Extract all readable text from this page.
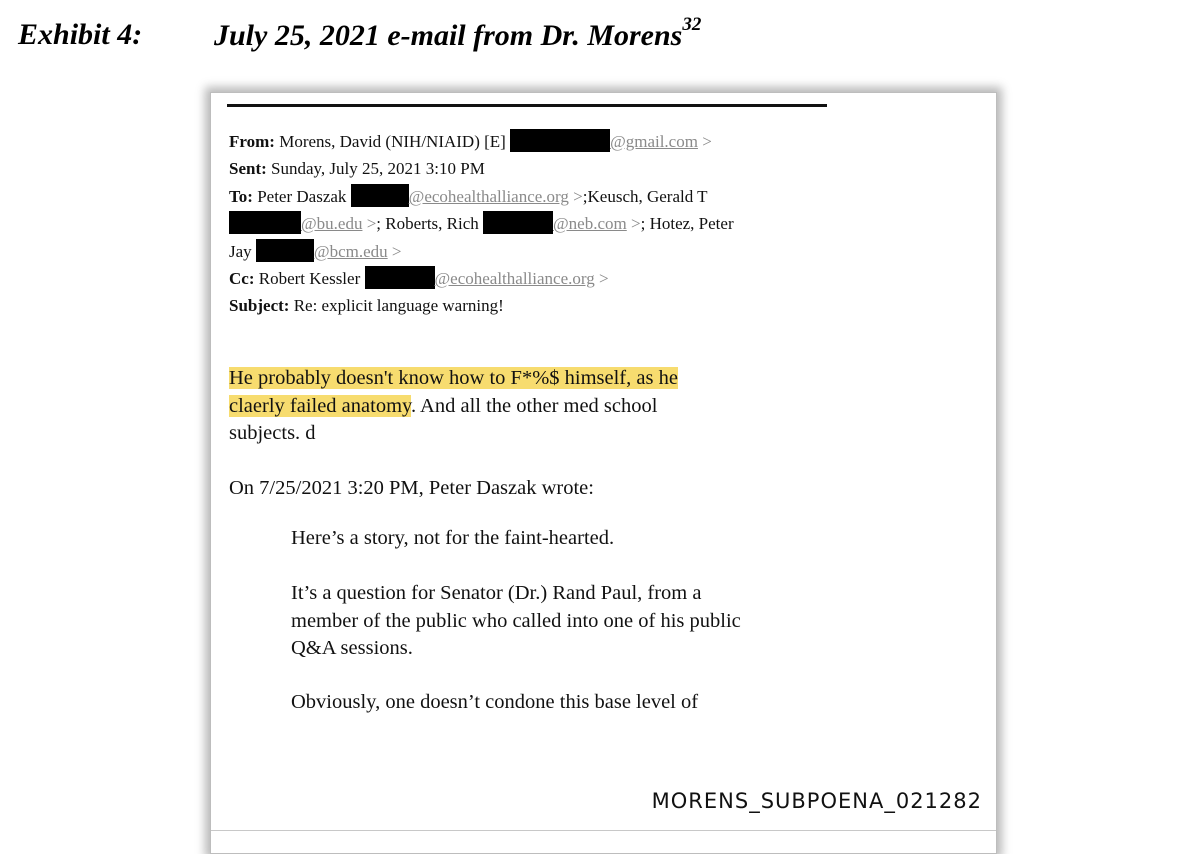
Exhibit 4: July 25, 2021 e-mail from Dr. Morens$^{32}$
From: Morens, David (NIH/NIAID) [E]	@gmail.com >
Sent: Sunday, July 25, 2021 3:10 PM
To: Peter Daszak	@ecohealthalliance.org >;Keusch, Gerald T
@bu.edu >; Roberts, Rich	@neb.com >; Hotez, Peter
Jay	@bcm.edu >
Cc: Robert Kessler	@ecohealthalliance.org >
Subject: Re: explicit language warning!
He probably doesn't know how to F*%$ himself, as he
claerly failed anatomy. And all the other med school
subjects. d
On 7/25/2021 3:20 PM, Peter Daszak wrote:
Here’s a story, not for the faint-hearted.
It’s a question for Senator (Dr.) Rand Paul, from a
member of the public who called into one of his public
Q&A sessions.
Obviously, one doesn’t condone this base level of
MORENS_SUBPOENA_021282
